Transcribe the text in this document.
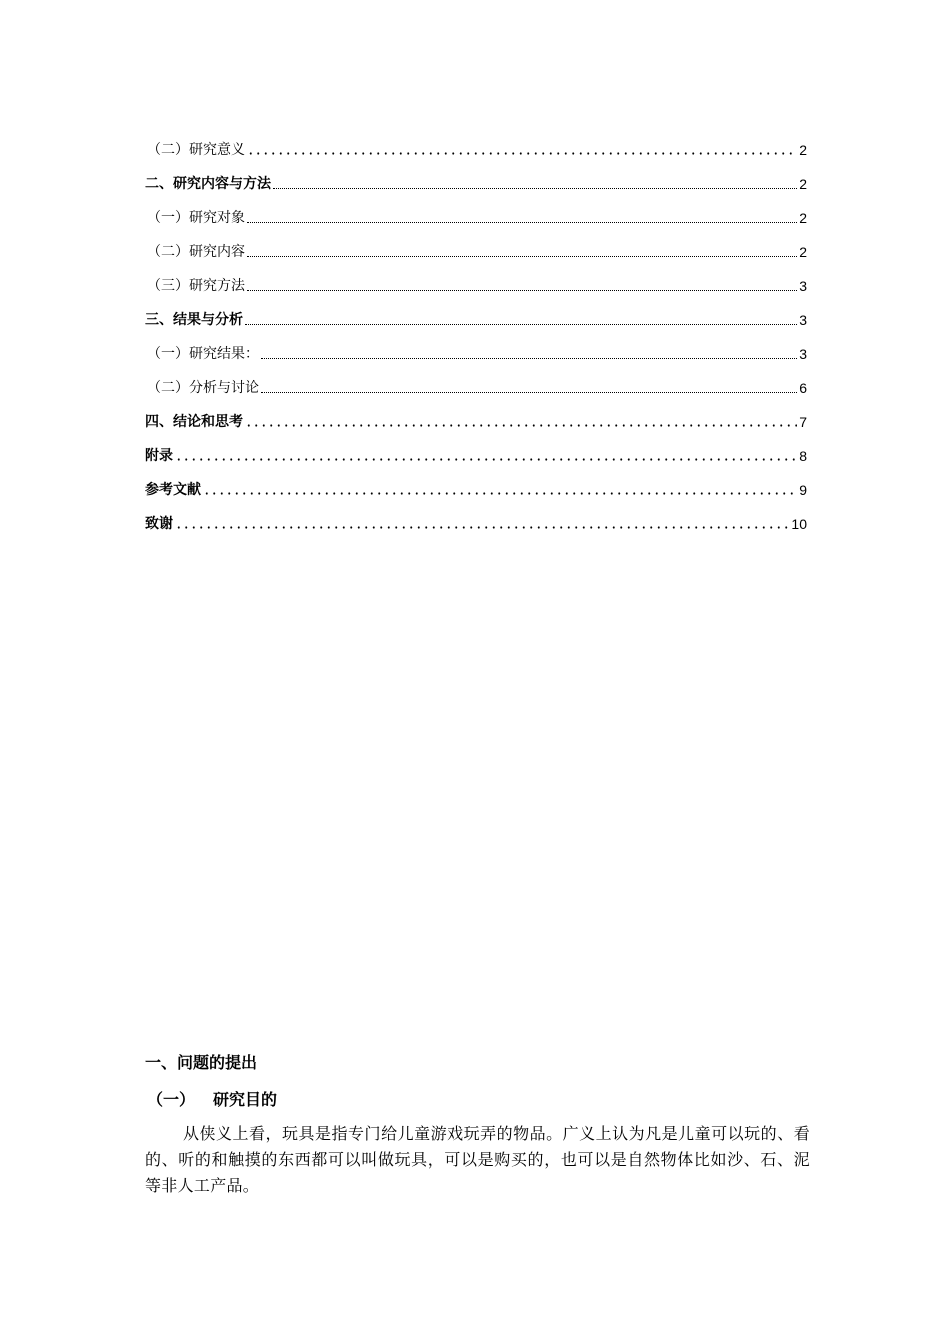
（二）研究意义	2
二、研究内容与方法	2
（一）研究对象	2
（二）研究内容	2
（三）研究方法	3
三、结果与分析	3
（一）研究结果：	3
（二）分析与讨论	6
四、结论和思考	7
附录	8
参考文献	9
致谢	10
一、问题的提出
（一） 研究目的

从侠义上看，玩具是指专门给儿童游戏玩弄的物品。广义上认为凡是儿童可以玩的、看的、听的和触摸的东西都可以叫做玩具，可以是购买的，也可以是自然物体比如沙、石、泥等非人工产品。
